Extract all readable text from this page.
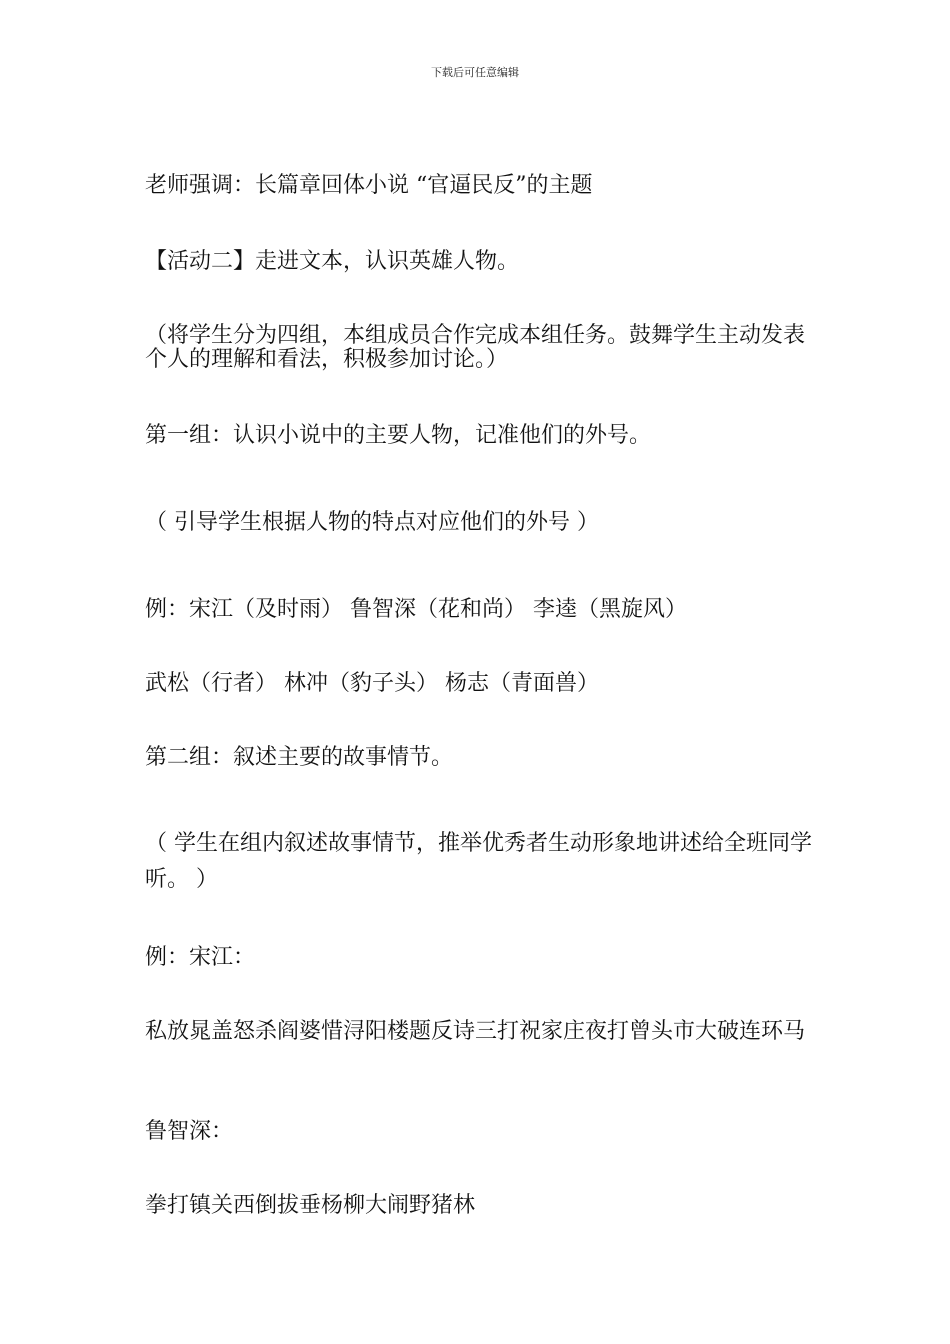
下载后可任意编辑
老师强调：长篇章回体小说 “官逼民反”的主题
【活动二】走进文本，认识英雄人物。
（将学生分为四组，本组成员合作完成本组任务。鼓舞学生主动发表个人的理解和看法，积极参加讨论。）
第一组：认识小说中的主要人物，记准他们的外号。
（ 引导学生根据人物的特点对应他们的外号 ）
例：宋江（及时雨） 鲁智深（花和尚） 李逵（黑旋风）
武松（行者） 林冲（豹子头） 杨志（青面兽）
第二组：叙述主要的故事情节。
（ 学生在组内叙述故事情节，推举优秀者生动形象地讲述给全班同学听。 ）
例：宋江：
私放晁盖怒杀阎婆惜浔阳楼题反诗三打祝家庄夜打曾头市大破连环马
鲁智深：
拳打镇关西倒拔垂杨柳大闹野猪林
